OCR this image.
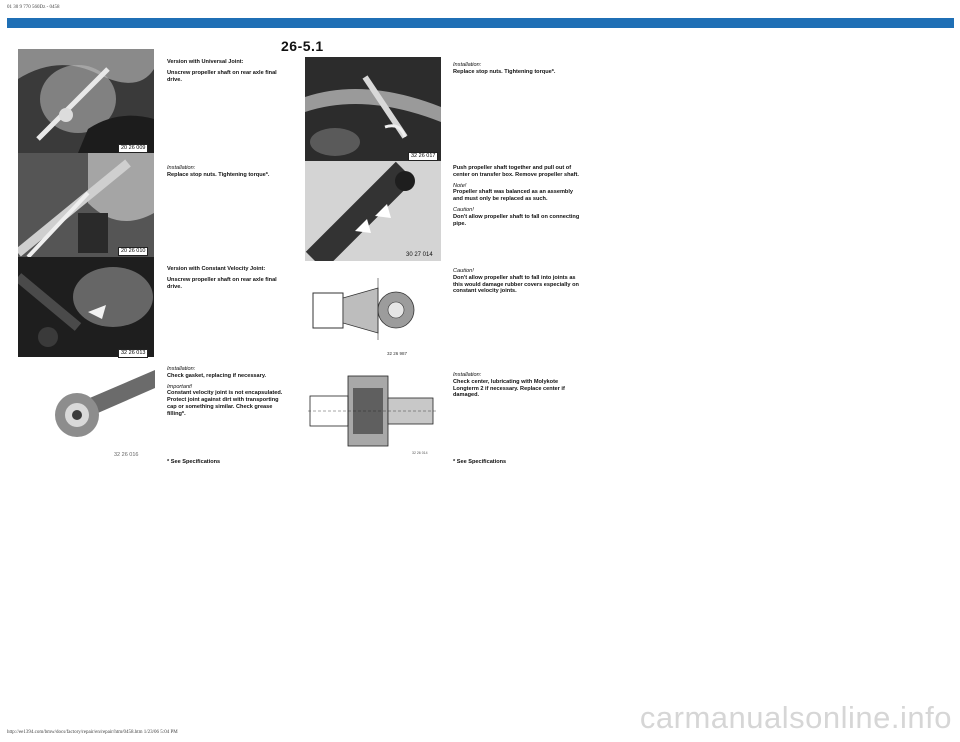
01 30 9 770 560Dz - 0458
26-5.1
20 26 009
20 26 010
32 26 013
32 26 016

Version with Universal Joint:

Unscrew propeller shaft on rear axle final drive.

Installation:
Replace stop nuts. Tightening torque*.

Version with Constant Velocity Joint:

Unscrew propeller shaft on rear axle final drive.

Installation:

Check gasket, replacing if necessary.

Important!
Constant velocity joint is not encapsulated. Protect joint against dirt with transporting cap or something similar. Check grease filling*.
* See Specifications
32 26 017
30 27 014
32 26 987
32 26 014
Installation:
Replace stop nuts. Tightening torque*.

Push propeller shaft together and pull out of center on transfer box. Remove propeller shaft.

Note!

Propeller shaft was balanced as an assembly and must only be replaced as such.

Caution!
Don't allow propeller shaft to fall on connecting pipe.
Caution!
Don't allow propeller shaft to fall into joints as this would damage rubber covers especially on constant velocity joints.
Installation:
Check center, lubricating with Molykote Longterm 2 if necessary. Replace center if damaged.
* See Specifications
http://ee1394.com/bmw/docs/factory/repair/en/repair/htm/0458.htm 1/23/06 5:04 PM	carmanualsonline.info
